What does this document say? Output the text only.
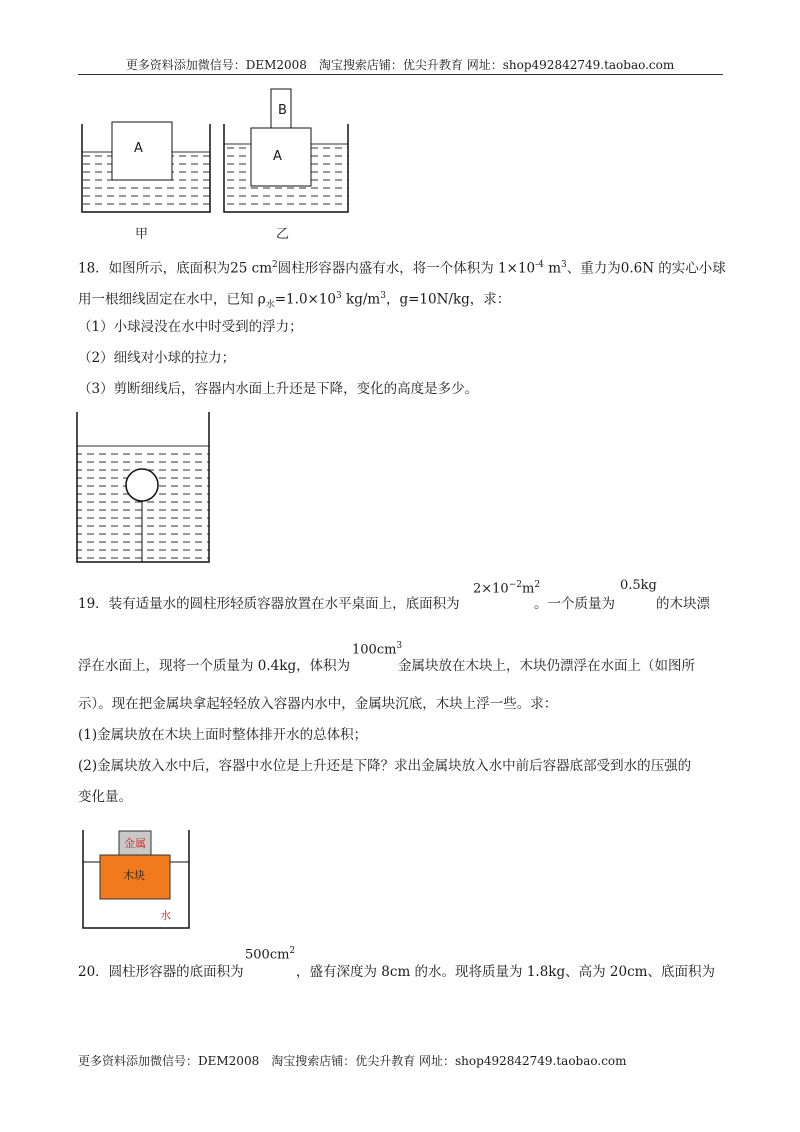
更多资料添加微信号：DEM2008　淘宝搜索店铺：优尖升教育 网址：shop492842749.taobao.com
A
A
B
甲	乙
18．如图所示，底面积为25 $cm^2$圆柱形容器内盛有水，将一个体积为 $1\times 10^{-4}$ $m^3$、重力为0.6N 的实心小球
用一根细线固定在水中，已知 $\rho_水=1.0\times 10^3$ $kg/m^3$，g=10N/kg，求：
（1）小球浸没在水中时受到的浮力；
（2）细线对小球的拉力；
（3）剪断细线后，容器内水面上升还是下降，变化的高度是多少。
19．装有适量水的圆柱形轻质容器放置在水平桌面上，底面积为
$2\times 10^{-2}m^2$
。一个质量为
0.5kg
的木块漂
浮在水面上，现将一个质量为 0.4kg，体积为
$100cm^3$
金属块放在木块上，木块仍漂浮在水面上（如图所
示）。现在把金属块拿起轻轻放入容器内水中，金属块沉底，木块上浮一些。求：
(1)金属块放在木块上面时整体排开水的总体积；
(2)金属块放入水中后，容器中水位是上升还是下降？求出金属块放入水中前后容器底部受到水的压强的
变化量。
金属
木块
水
20．圆柱形容器的底面积为
$500cm^2$
，盛有深度为 8cm 的水。现将质量为 1.8kg、高为 20cm、底面积为
更多资料添加微信号：DEM2008　淘宝搜索店铺：优尖升教育 网址：shop492842749.taobao.com
